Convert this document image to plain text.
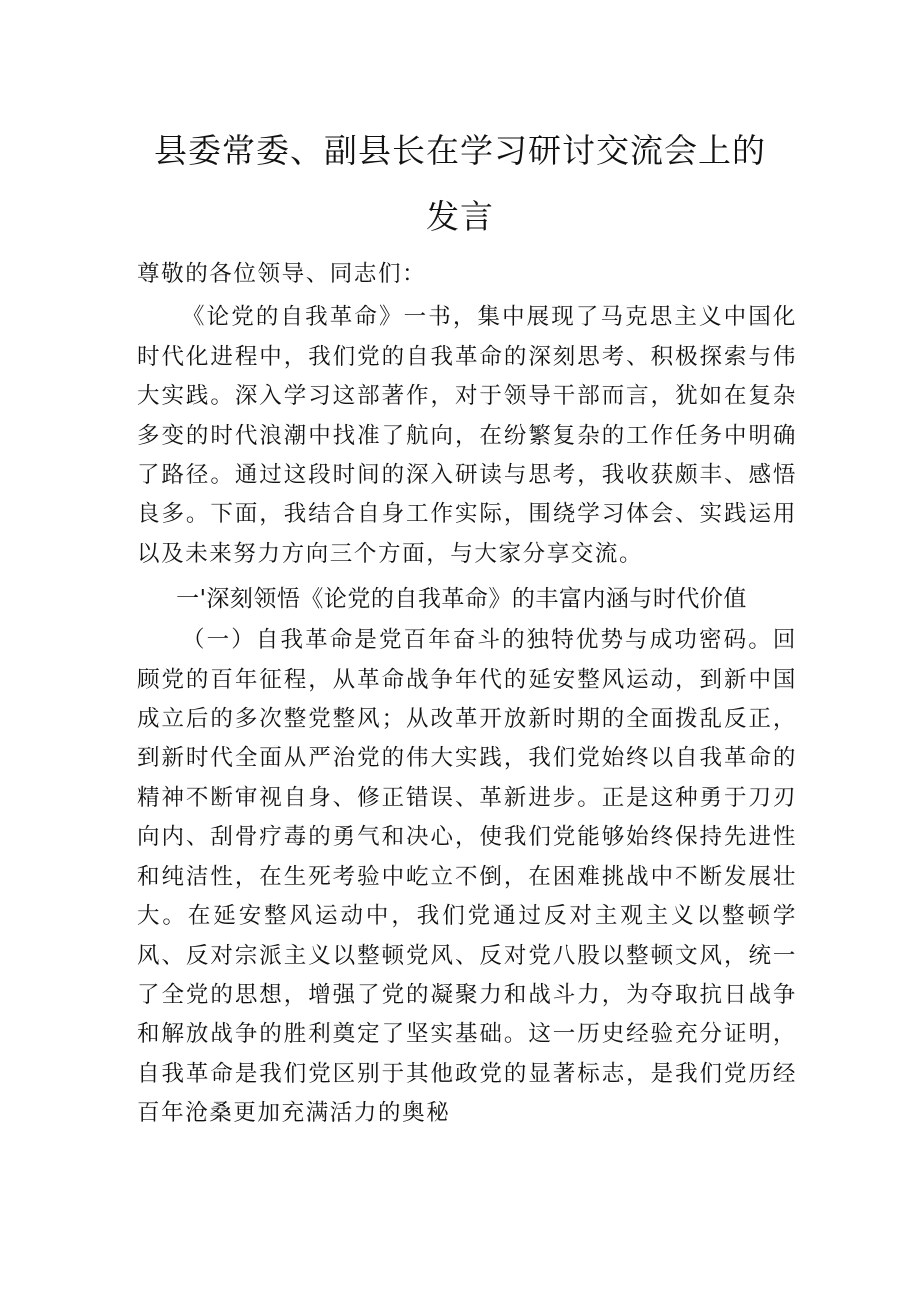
县委常委、副县长在学习研讨交流会上的
发言

尊敬的各位领导、同志们：

《论党的自我革命》一书，集中展现了马克思主义中国化时代化进程中，我们党的自我革命的深刻思考、积极探索与伟大实践。深入学习这部著作，对于领导干部而言，犹如在复杂多变的时代浪潮中找准了航向，在纷繁复杂的工作任务中明确了路径。通过这段时间的深入研读与思考，我收获颇丰、感悟良多。下面，我结合自身工作实际，围绕学习体会、实践运用以及未来努力方向三个方面，与大家分享交流。

一'深刻领悟《论党的自我革命》的丰富内涵与时代价值

（一）自我革命是党百年奋斗的独特优势与成功密码。回顾党的百年征程，从革命战争年代的延安整风运动，到新中国成立后的多次整党整风；从改革开放新时期的全面拨乱反正，到新时代全面从严治党的伟大实践，我们党始终以自我革命的精神不断审视自身、修正错误、革新进步。正是这种勇于刀刃向内、刮骨疗毒的勇气和决心，使我们党能够始终保持先进性和纯洁性，在生死考验中屹立不倒，在困难挑战中不断发展壮大。在延安整风运动中，我们党通过反对主观主义以整顿学风、反对宗派主义以整顿党风、反对党八股以整顿文风，统一了全党的思想，增强了党的凝聚力和战斗力，为夺取抗日战争和解放战争的胜利奠定了坚实基础。这一历史经验充分证明，自我革命是我们党区别于其他政党的显著标志，是我们党历经百年沧桑更加充满活力的奥秘
